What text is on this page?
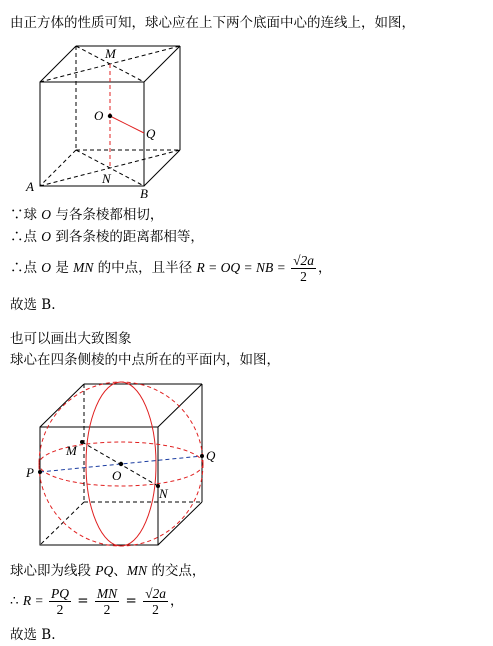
由正方体的性质可知，球心应在上下两个底面中心的连线上，如图，
M
O
Q
A
N
B
∵球 O 与各条棱都相切，
∴点 O 到各条棱的距离都相等，
∴点 O 是 MN 的中点，且半径 R = OQ = NB = $\frac{√2a}{2}$ ，
故选 B.
也可以画出大致图象
球心在四条侧棱的中点所在的平面内，如图，
M
O
Q
P
N
球心即为线段 PQ、MN 的交点，
∴ $R = \frac{PQ}{2} = \frac{MN}{2} = \frac{√2a}{2}$ ，
故选 B.
